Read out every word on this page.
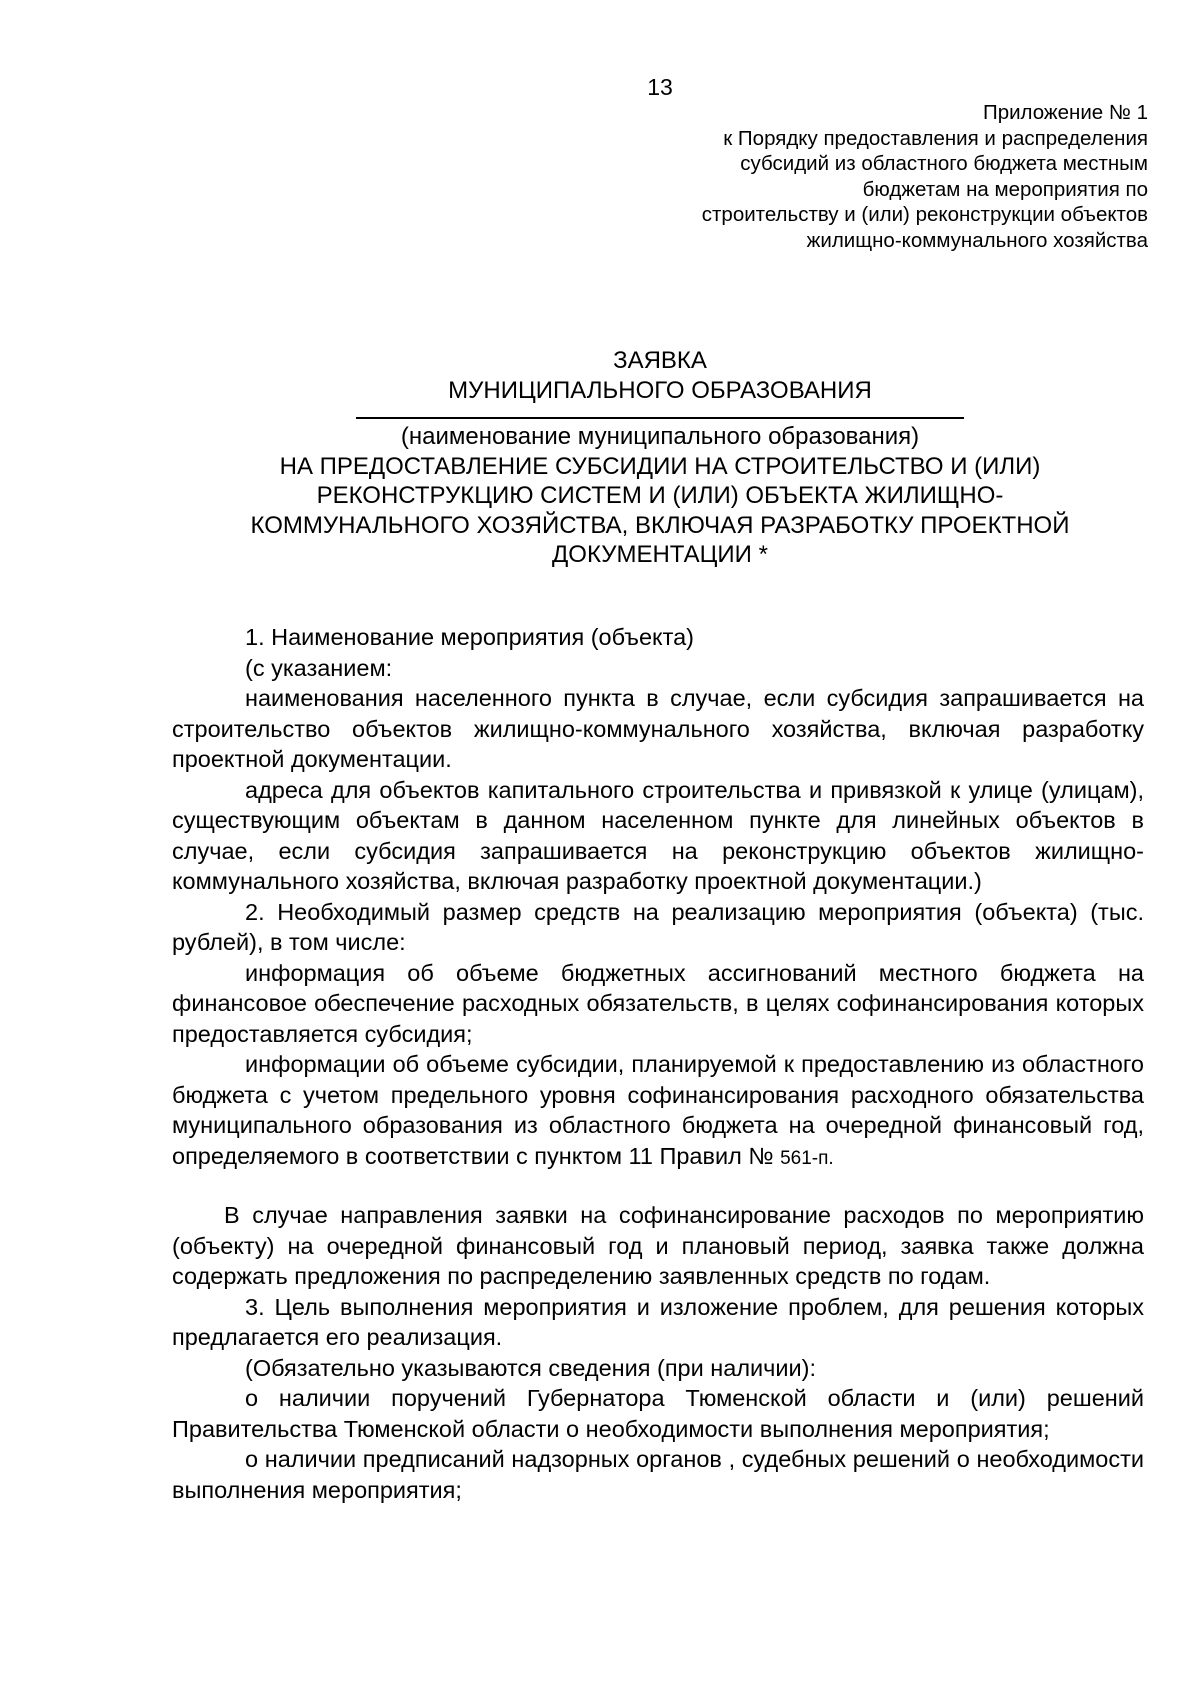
13
Приложение № 1
к Порядку предоставления и распределения
субсидий из областного бюджета местным
бюджетам на мероприятия по
строительству и (или) реконструкции объектов
жилищно-коммунального хозяйства
ЗАЯВКА
МУНИЦИПАЛЬНОГО ОБРАЗОВАНИЯ
(наименование муниципального образования)
НА ПРЕДОСТАВЛЕНИЕ СУБСИДИИ НА СТРОИТЕЛЬСТВО И (ИЛИ)
РЕКОНСТРУКЦИЮ СИСТЕМ И (ИЛИ) ОБЪЕКТА ЖИЛИЩНО-
КОММУНАЛЬНОГО ХОЗЯЙСТВА, ВКЛЮЧАЯ РАЗРАБОТКУ ПРОЕКТНОЙ
ДОКУМЕНТАЦИИ *

1. Наименование мероприятия (объекта)

(с указанием:

наименования населенного пункта в случае, если субсидия запрашивается на строительство объектов жилищно-коммунального хозяйства, включая разработку проектной документации.

адреса для объектов капитального строительства и привязкой к улице (улицам), существующим объектам в данном населенном пункте для линейных объектов в случае, если субсидия запрашивается на реконструкцию объектов жилищно-коммунального хозяйства, включая разработку проектной документации.)

2. Необходимый размер средств на реализацию мероприятия (объекта) (тыс. рублей), в том числе:

информация об объеме бюджетных ассигнований местного бюджета на финансовое обеспечение расходных обязательств, в целях софинансирования которых предоставляется субсидия;

информации об объеме субсидии, планируемой к предоставлению из областного бюджета с учетом предельного уровня софинансирования расходного обязательства муниципального образования из областного бюджета на очередной финансовый год, определяемого в соответствии с пунктом 11 Правил № 561-п.

В случае направления заявки на софинансирование расходов по мероприятию (объекту) на очередной финансовый год и плановый период, заявка также должна содержать предложения по распределению заявленных средств по годам.

3. Цель выполнения мероприятия и изложение проблем, для решения которых предлагается его реализация.

(Обязательно указываются сведения (при наличии):

о наличии поручений Губернатора Тюменской области и (или) решений Правительства Тюменской области о необходимости выполнения мероприятия;

о наличии предписаний надзорных органов , судебных решений о необходимости выполнения мероприятия;
